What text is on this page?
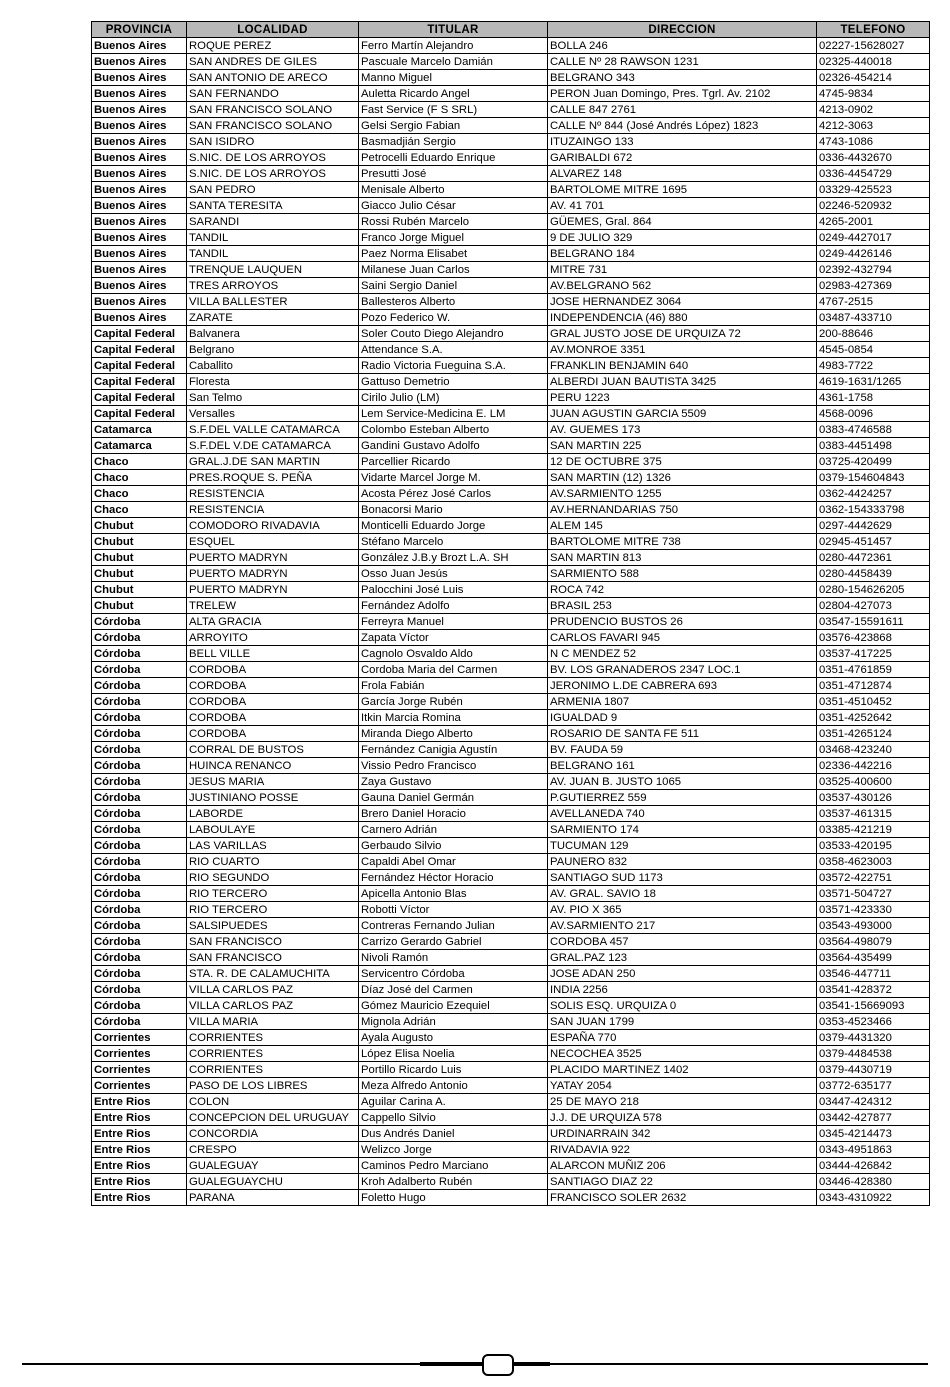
PROVINCIA	LOCALIDAD	TITULAR	DIRECCION	TELEFONO
Buenos Aires	ROQUE PEREZ	Ferro Martín Alejandro	BOLLA 246	02227-15628027
Buenos Aires	SAN ANDRES DE GILES	Pascuale Marcelo Damián	CALLE Nº 28 RAWSON 1231	02325-440018
Buenos Aires	SAN ANTONIO DE ARECO	Manno Miguel	BELGRANO 343	02326-454214
Buenos Aires	SAN FERNANDO	Auletta Ricardo Angel	PERON Juan Domingo, Pres. Tgrl. Av. 2102	4745-9834
Buenos Aires	SAN FRANCISCO SOLANO	Fast Service (F S SRL)	CALLE 847 2761	4213-0902
Buenos Aires	SAN FRANCISCO SOLANO	Gelsi Sergio Fabian	CALLE Nº 844 (José Andrés López) 1823	4212-3063
Buenos Aires	SAN ISIDRO	Basmadjián Sergio	ITUZAINGO 133	4743-1086
Buenos Aires	S.NIC. DE LOS ARROYOS	Petrocelli Eduardo Enrique	GARIBALDI 672	0336-4432670
Buenos Aires	S.NIC. DE LOS ARROYOS	Presutti José	ALVAREZ 148	0336-4454729
Buenos Aires	SAN PEDRO	Menisale Alberto	BARTOLOME MITRE 1695	03329-425523
Buenos Aires	SANTA TERESITA	Giacco Julio César	AV. 41 701	02246-520932
Buenos Aires	SARANDI	Rossi Rubén Marcelo	GÜEMES, Gral. 864	4265-2001
Buenos Aires	TANDIL	Franco Jorge Miguel	9 DE JULIO 329	0249-4427017
Buenos Aires	TANDIL	Paez Norma Elisabet	BELGRANO 184	0249-4426146
Buenos Aires	TRENQUE LAUQUEN	Milanese Juan Carlos	MITRE 731	02392-432794
Buenos Aires	TRES ARROYOS	Saini Sergio Daniel	AV.BELGRANO 562	02983-427369
Buenos Aires	VILLA BALLESTER	Ballesteros Alberto	JOSE HERNANDEZ 3064	4767-2515
Buenos Aires	ZARATE	Pozo Federico W.	INDEPENDENCIA (46) 880	03487-433710
Capital Federal	Balvanera	Soler Couto Diego Alejandro	GRAL JUSTO JOSE DE URQUIZA 72	200-88646
Capital Federal	Belgrano	Attendance S.A.	AV.MONROE 3351	4545-0854
Capital Federal	Caballito	Radio Victoria Fueguina S.A.	FRANKLIN BENJAMIN 640	4983-7722
Capital Federal	Floresta	Gattuso Demetrio	ALBERDI JUAN BAUTISTA 3425	4619-1631/1265
Capital Federal	San Telmo	Cirilo Julio (LM)	PERU 1223	4361-1758
Capital Federal	Versalles	Lem Service-Medicina E. LM	JUAN AGUSTIN GARCIA 5509	4568-0096
Catamarca	S.F.DEL VALLE CATAMARCA	Colombo Esteban Alberto	AV. GUEMES 173	0383-4746588
Catamarca	S.F.DEL V.DE CATAMARCA	Gandini Gustavo Adolfo	SAN MARTIN 225	0383-4451498
Chaco	GRAL.J.DE SAN MARTIN	Parcellier Ricardo	12 DE OCTUBRE 375	03725-420499
Chaco	PRES.ROQUE S. PEÑA	Vidarte Marcel Jorge M.	SAN MARTIN (12) 1326	0379-154604843
Chaco	RESISTENCIA	Acosta Pérez José Carlos	AV.SARMIENTO 1255	0362-4424257
Chaco	RESISTENCIA	Bonacorsi Mario	AV.HERNANDARIAS 750	0362-154333798
Chubut	COMODORO RIVADAVIA	Monticelli Eduardo Jorge	ALEM 145	0297-4442629
Chubut	ESQUEL	Stéfano Marcelo	BARTOLOME MITRE 738	02945-451457
Chubut	PUERTO MADRYN	González J.B.y Brozt L.A. SH	SAN MARTIN 813	0280-4472361
Chubut	PUERTO MADRYN	Osso Juan Jesús	SARMIENTO 588	0280-4458439
Chubut	PUERTO MADRYN	Palocchini José Luis	ROCA 742	0280-154626205
Chubut	TRELEW	Fernández Adolfo	BRASIL 253	02804-427073
Córdoba	ALTA GRACIA	Ferreyra Manuel	PRUDENCIO BUSTOS 26	03547-15591611
Córdoba	ARROYITO	Zapata Víctor	CARLOS FAVARI 945	03576-423868
Córdoba	BELL VILLE	Cagnolo Osvaldo Aldo	N C MENDEZ 52	03537-417225
Córdoba	CORDOBA	Cordoba Maria del Carmen	BV. LOS GRANADEROS 2347 LOC.1	0351-4761859
Córdoba	CORDOBA	Frola Fabián	JERONIMO L.DE CABRERA 693	0351-4712874
Córdoba	CORDOBA	García Jorge Rubén	ARMENIA 1807	0351-4510452
Córdoba	CORDOBA	Itkin Marcia Romina	IGUALDAD 9	0351-4252642
Córdoba	CORDOBA	Miranda Diego Alberto	ROSARIO DE SANTA FE 511	0351-4265124
Córdoba	CORRAL DE BUSTOS	Fernández Canigia Agustín	BV. FAUDA 59	03468-423240
Córdoba	HUINCA RENANCO	Vissio Pedro Francisco	BELGRANO 161	02336-442216
Córdoba	JESUS MARIA	Zaya Gustavo	AV. JUAN B. JUSTO 1065	03525-400600
Córdoba	JUSTINIANO POSSE	Gauna Daniel Germán	P.GUTIERREZ 559	03537-430126
Córdoba	LABORDE	Brero Daniel Horacio	AVELLANEDA 740	03537-461315
Córdoba	LABOULAYE	Carnero Adrián	SARMIENTO 174	03385-421219
Córdoba	LAS VARILLAS	Gerbaudo Silvio	TUCUMAN 129	03533-420195
Córdoba	RIO CUARTO	Capaldi Abel Omar	PAUNERO 832	0358-4623003
Córdoba	RIO SEGUNDO	Fernández Héctor Horacio	SANTIAGO SUD 1173	03572-422751
Córdoba	RIO TERCERO	Apicella Antonio Blas	AV. GRAL. SAVIO 18	03571-504727
Córdoba	RIO TERCERO	Robotti Víctor	AV. PIO X 365	03571-423330
Córdoba	SALSIPUEDES	Contreras Fernando Julian	AV.SARMIENTO 217	03543-493000
Córdoba	SAN FRANCISCO	Carrizo Gerardo Gabriel	CORDOBA 457	03564-498079
Córdoba	SAN FRANCISCO	Nivoli Ramón	GRAL.PAZ 123	03564-435499
Córdoba	STA. R. DE CALAMUCHITA	Servicentro Córdoba	JOSE ADAN 250	03546-447711
Córdoba	VILLA CARLOS PAZ	Díaz José del Carmen	INDIA 2256	03541-428372
Córdoba	VILLA CARLOS PAZ	Gómez Mauricio Ezequiel	SOLIS ESQ. URQUIZA 0	03541-15669093
Córdoba	VILLA MARIA	Mignola Adrián	SAN JUAN 1799	0353-4523466
Corrientes	CORRIENTES	Ayala Augusto	ESPAÑA 770	0379-4431320
Corrientes	CORRIENTES	López Elisa Noelia	NECOCHEA 3525	0379-4484538
Corrientes	CORRIENTES	Portillo Ricardo Luis	PLACIDO MARTINEZ 1402	0379-4430719
Corrientes	PASO DE LOS LIBRES	Meza Alfredo Antonio	YATAY 2054	03772-635177
Entre Rios	COLON	Aguilar Carina A.	25 DE MAYO 218	03447-424312
Entre Rios	CONCEPCION DEL URUGUAY	Cappello Silvio	J.J. DE URQUIZA 578	03442-427877
Entre Rios	CONCORDIA	Dus Andrés Daniel	URDINARRAIN 342	0345-4214473
Entre Rios	CRESPO	Welizco Jorge	RIVADAVIA 922	0343-4951863
Entre Rios	GUALEGUAY	Caminos Pedro Marciano	ALARCON MUÑIZ 206	03444-426842
Entre Rios	GUALEGUAYCHU	Kroh Adalberto Rubén	SANTIAGO DIAZ 22	03446-428380
Entre Rios	PARANA	Foletto Hugo	FRANCISCO SOLER 2632	0343-4310922
